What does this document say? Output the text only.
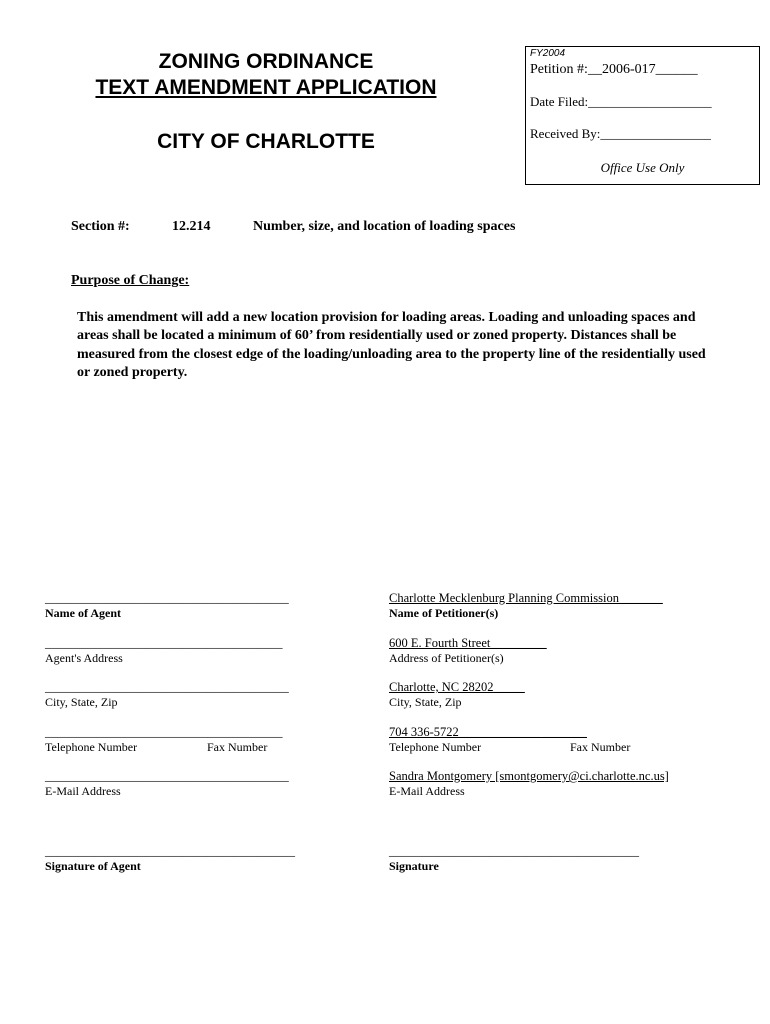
ZONING ORDINANCE
TEXT AMENDMENT APPLICATION
CITY OF CHARLOTTE
FY2004
Petition #:__2006-017______
Date Filed:___________________
Received By:_________________
Office Use Only
Section #:	12.214	Number, size, and location of loading spaces
Purpose of Change:
This amendment will add a new location provision for loading areas. Loading and unloading spaces and areas shall be located a minimum of 60’ from residentially used or zoned property. Distances shall be measured from the closest edge of the loading/unloading area to the property line of the residentially used or zoned property.
_______________________________________
Name of Agent
______________________________________
Agent's Address
_______________________________________
City, State, Zip
______________________________________
Telephone Number	Fax Number
_______________________________________
E-Mail Address
________________________________________
Signature of Agent
Charlotte Mecklenburg Planning Commission_______
Name of Petitioner(s)
600 E. Fourth Street_________
Address of Petitioner(s)
Charlotte, NC 28202_____
City, State, Zip
704 336-5722_____________ _______
Telephone Number	Fax Number
Sandra Montgomery [smontgomery@ci.charlotte.nc.us]
E-Mail Address
________________________________________
Signature
